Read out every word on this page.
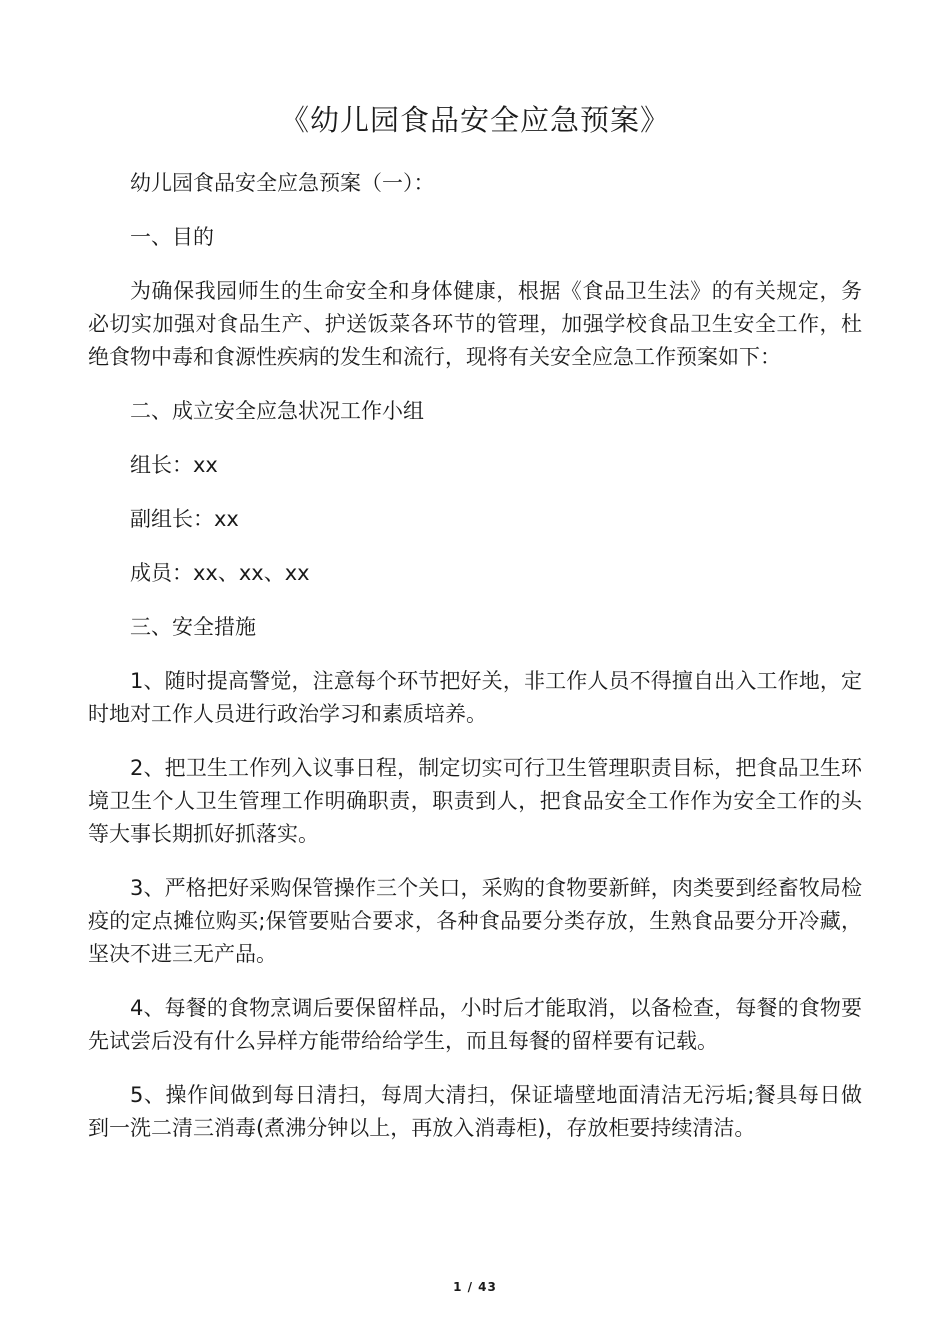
《幼儿园食品安全应急预案》

幼儿园食品安全应急预案（一）：

一、目的

为确保我园师生的生命安全和身体健康，根据《食品卫生法》的有关规定，务必切实加强对食品生产、护送饭菜各环节的管理，加强学校食品卫生安全工作，杜绝食物中毒和食源性疾病的发生和流行，现将有关安全应急工作预案如下：

二、成立安全应急状况工作小组

组长：xx

副组长：xx

成员：xx、xx、xx

三、安全措施

1、随时提高警觉，注意每个环节把好关，非工作人员不得擅自出入工作地，定时地对工作人员进行政治学习和素质培养。

2、把卫生工作列入议事日程，制定切实可行卫生管理职责目标，把食品卫生环境卫生个人卫生管理工作明确职责，职责到人，把食品安全工作作为安全工作的头等大事长期抓好抓落实。

3、严格把好采购保管操作三个关口，采购的食物要新鲜，肉类要到经畜牧局检疫的定点摊位购买;保管要贴合要求，各种食品要分类存放，生熟食品要分开冷藏，坚决不进三无产品。

4、每餐的食物烹调后要保留样品，小时后才能取消，以备检查，每餐的食物要先试尝后没有什么异样方能带给给学生，而且每餐的留样要有记载。

5、操作间做到每日清扫，每周大清扫，保证墙壁地面清洁无污垢;餐具每日做到一洗二清三消毒(煮沸分钟以上，再放入消毒柜)，存放柜要持续清洁。

1 / 43
